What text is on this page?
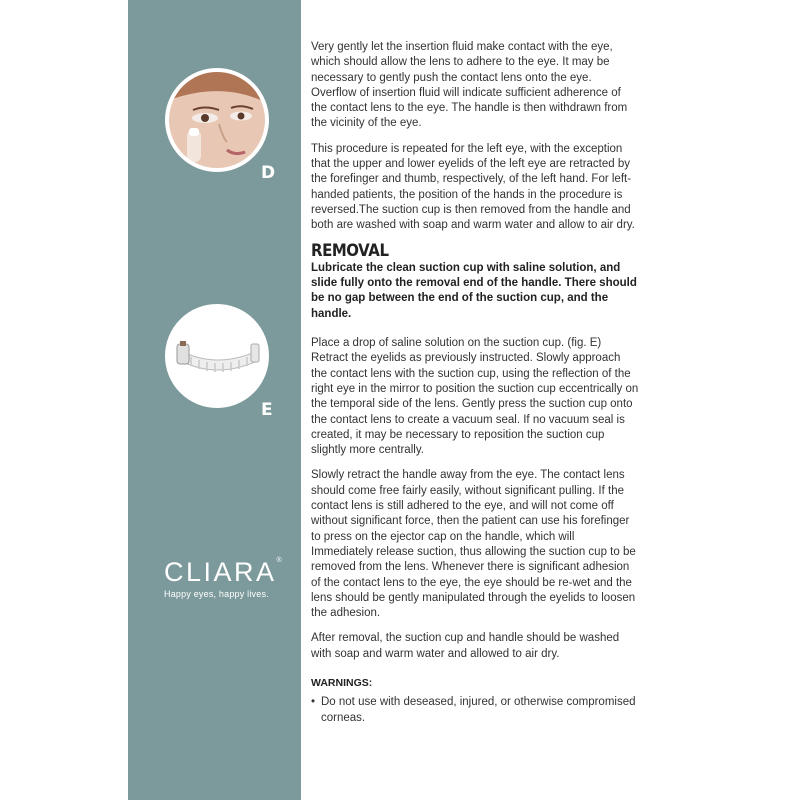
D
E
CLIARA®
Happy eyes, happy lives.

Very gently let the insertion fluid make contact with the eye, which should allow the lens to adhere to the eye. It may be necessary to gently push the contact lens onto the eye. Overflow of insertion fluid will indicate sufficient adherence of the contact lens to the eye. The handle is then withdrawn from the vicinity of the eye.

This procedure is repeated for the left eye, with the exception that the upper and lower eyelids of the left eye are retracted by the forefinger and thumb, respectively, of the left hand. For left-handed patients, the position of the hands in the procedure is reversed.The suction cup is then removed from the handle and both are washed with soap and warm water and allow to air dry.

REMOVAL

Lubricate the clean suction cup with saline solution, and slide fully onto the removal end of the handle. There should be no gap between the end of the suction cup, and the handle.

Place a drop of saline solution on the suction cup. (fig. E) Retract the eyelids as previously instructed. Slowly approach the contact lens with the suction cup, using the reflection of the right eye in the mirror to position the suction cup eccentrically on the temporal side of the lens. Gently press the suction cup onto the contact lens to create a vacuum seal. If no vacuum seal is created, it may be necessary to reposition the suction cup slightly more centrally.

Slowly retract the handle away from the eye. The contact lens should come free fairly easily, without significant pulling. If the contact lens is still adhered to the eye, and will not come off without significant force, then the patient can use his forefinger to press on the ejector cap on the handle, which will Immediately release suction, thus allowing the suction cup to be removed from the lens. Whenever there is significant adhesion of the contact lens to the eye, the eye should be re-wet and the lens should be gently manipulated through the eyelids to loosen the adhesion.

After removal, the suction cup and handle should be washed with soap and warm water and allowed to air dry.

WARNINGS:
• Do not use with deseased, injured, or otherwise compromised corneas.
